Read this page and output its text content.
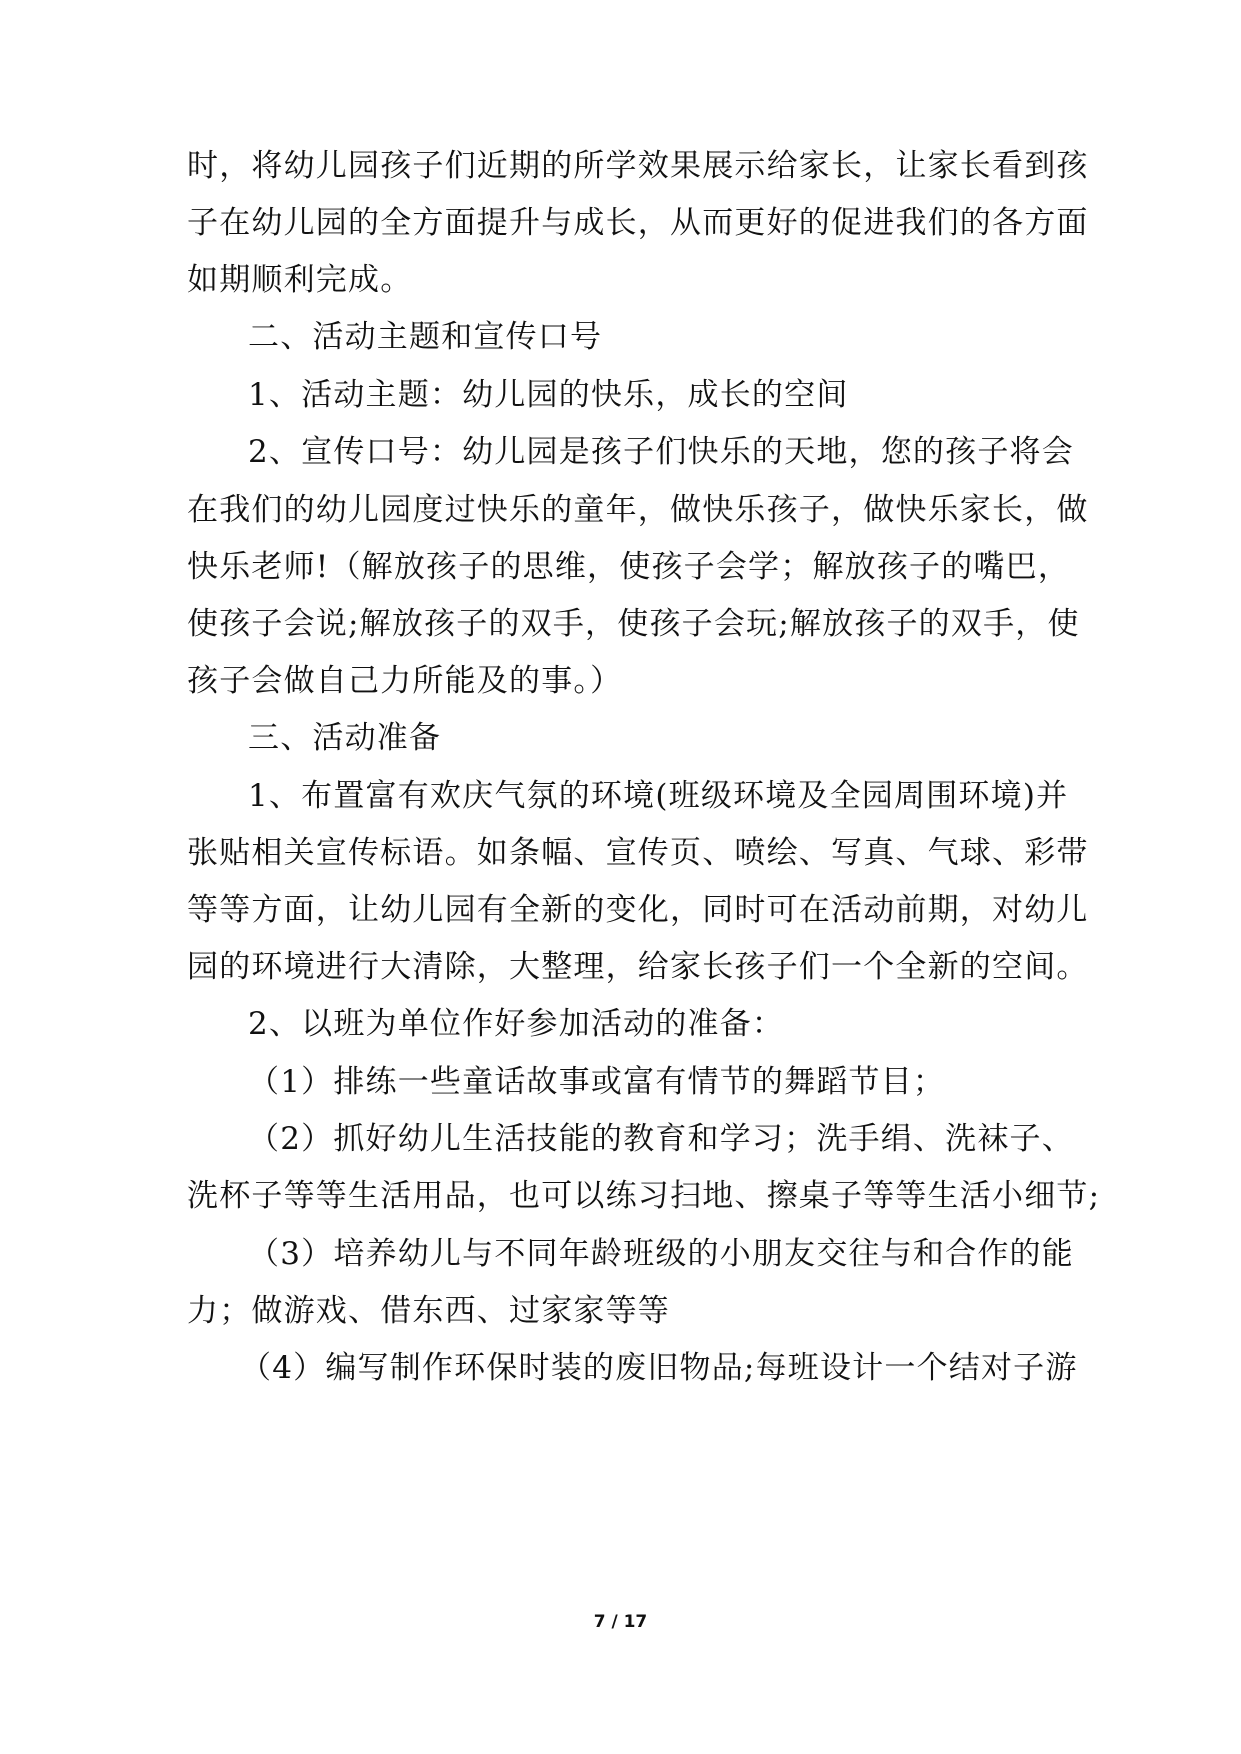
时，将幼儿园孩子们近期的所学效果展示给家长，让家长看到孩
子在幼儿园的全方面提升与成长，从而更好的促进我们的各方面
如期顺利完成。
二、活动主题和宣传口号
1、活动主题：幼儿园的快乐，成长的空间
2、宣传口号：幼儿园是孩子们快乐的天地，您的孩子将会
在我们的幼儿园度过快乐的童年，做快乐孩子，做快乐家长，做
快乐老师!（解放孩子的思维，使孩子会学；解放孩子的嘴巴，
使孩子会说;解放孩子的双手，使孩子会玩;解放孩子的双手，使
孩子会做自己力所能及的事。）
三、活动准备
1、布置富有欢庆气氛的环境(班级环境及全园周围环境)并
张贴相关宣传标语。如条幅、宣传页、喷绘、写真、气球、彩带
等等方面，让幼儿园有全新的变化，同时可在活动前期，对幼儿
园的环境进行大清除，大整理，给家长孩子们一个全新的空间。
2、以班为单位作好参加活动的准备：
（1）排练一些童话故事或富有情节的舞蹈节目；
（2）抓好幼儿生活技能的教育和学习；洗手绢、洗袜子、
洗杯子等等生活用品，也可以练习扫地、擦桌子等等生活小细节;
（3）培养幼儿与不同年龄班级的小朋友交往与和合作的能
力；做游戏、借东西、过家家等等
（4）编写制作环保时装的废旧物品;每班设计一个结对子游
7 / 17
